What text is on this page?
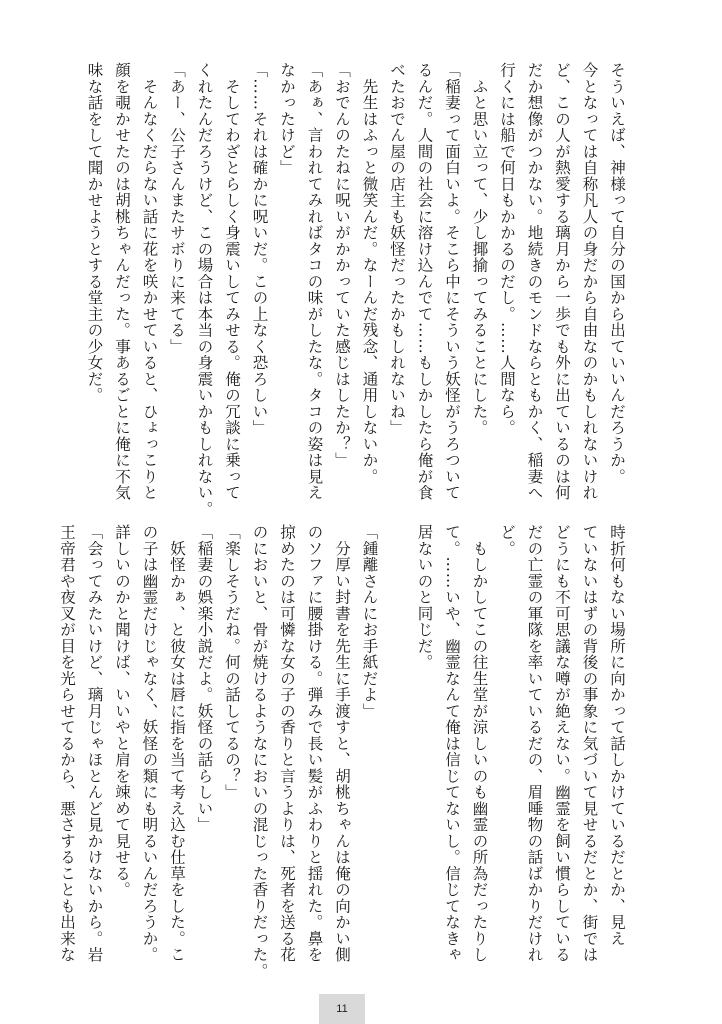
そういえば、神様って自分の国から出ていいんだろうか。

今となっては自称凡人の身だから自由なのかもしれないけれ

ど、この人が熱愛する璃月から一歩でも外に出ているのは何

だか想像がつかない。地続きのモンドならともかく、稲妻へ

行くには船で何日もかかるのだし。……人間なら。

　ふと思い立って、少し揶揄ってみることにした。

「稲妻って面白いよ。そこら中にそういう妖怪がうろついて

るんだ。人間の社会に溶け込んでて……もしかしたら俺が食

べたおでん屋の店主も妖怪だったかもしれないね」

　先生はふっと微笑んだ。なーんだ残念、通用しないか。

「おでんのたねに呪いがかかっていた感じはしたか？」

「あぁ、言われてみればタコの味がしたな。タコの姿は見え

なかったけど」

「……それは確かに呪いだ。この上なく恐ろしい」

　そしてわざとらしく身震いしてみせる。俺の冗談に乗って

くれたんだろうけど、この場合は本当の身震いかもしれない。

「あー、公子さんまたサボりに来てる」

　そんなくだらない話に花を咲かせていると、ひょっこりと

顔を覗かせたのは胡桃ちゃんだった。事あるごとに俺に不気

味な話をして聞かせようとする堂主の少女だ。

時折何もない場所に向かって話しかけているだとか、見え

ていないはずの背後の事象に気づいて見せるだとか、街では

どうにも不可思議な噂が絶えない。幽霊を飼い慣らしている

だの亡霊の軍隊を率いているだの、眉唾物の話ばかりだけれ

ど。

　もしかしてこの往生堂が涼しいのも幽霊の所為だったりし

て。……いや、幽霊なんて俺は信じてないし。信じてなきゃ

居ないのと同じだ。

「鍾離さんにお手紙だよ」

　分厚い封書を先生に手渡すと、胡桃ちゃんは俺の向かい側

のソファに腰掛ける。弾みで長い髪がふわりと揺れた。鼻を

掠めたのは可憐な女の子の香りと言うよりは、死者を送る花

のにおいと、骨が焼けるようなにおいの混じった香りだった。

「楽しそうだね。何の話してるの？」

「稲妻の娯楽小説だよ。妖怪の話らしい」

　妖怪かぁ、と彼女は唇に指を当て考え込む仕草をした。こ

の子は幽霊だけじゃなく、妖怪の類にも明るいんだろうか。

詳しいのかと聞けば、いいやと肩を竦めて見せる。

「会ってみたいけど、璃月じゃほとんど見かけないから。岩

王帝君や夜叉が目を光らせてるから、悪さすることも出来な

11
